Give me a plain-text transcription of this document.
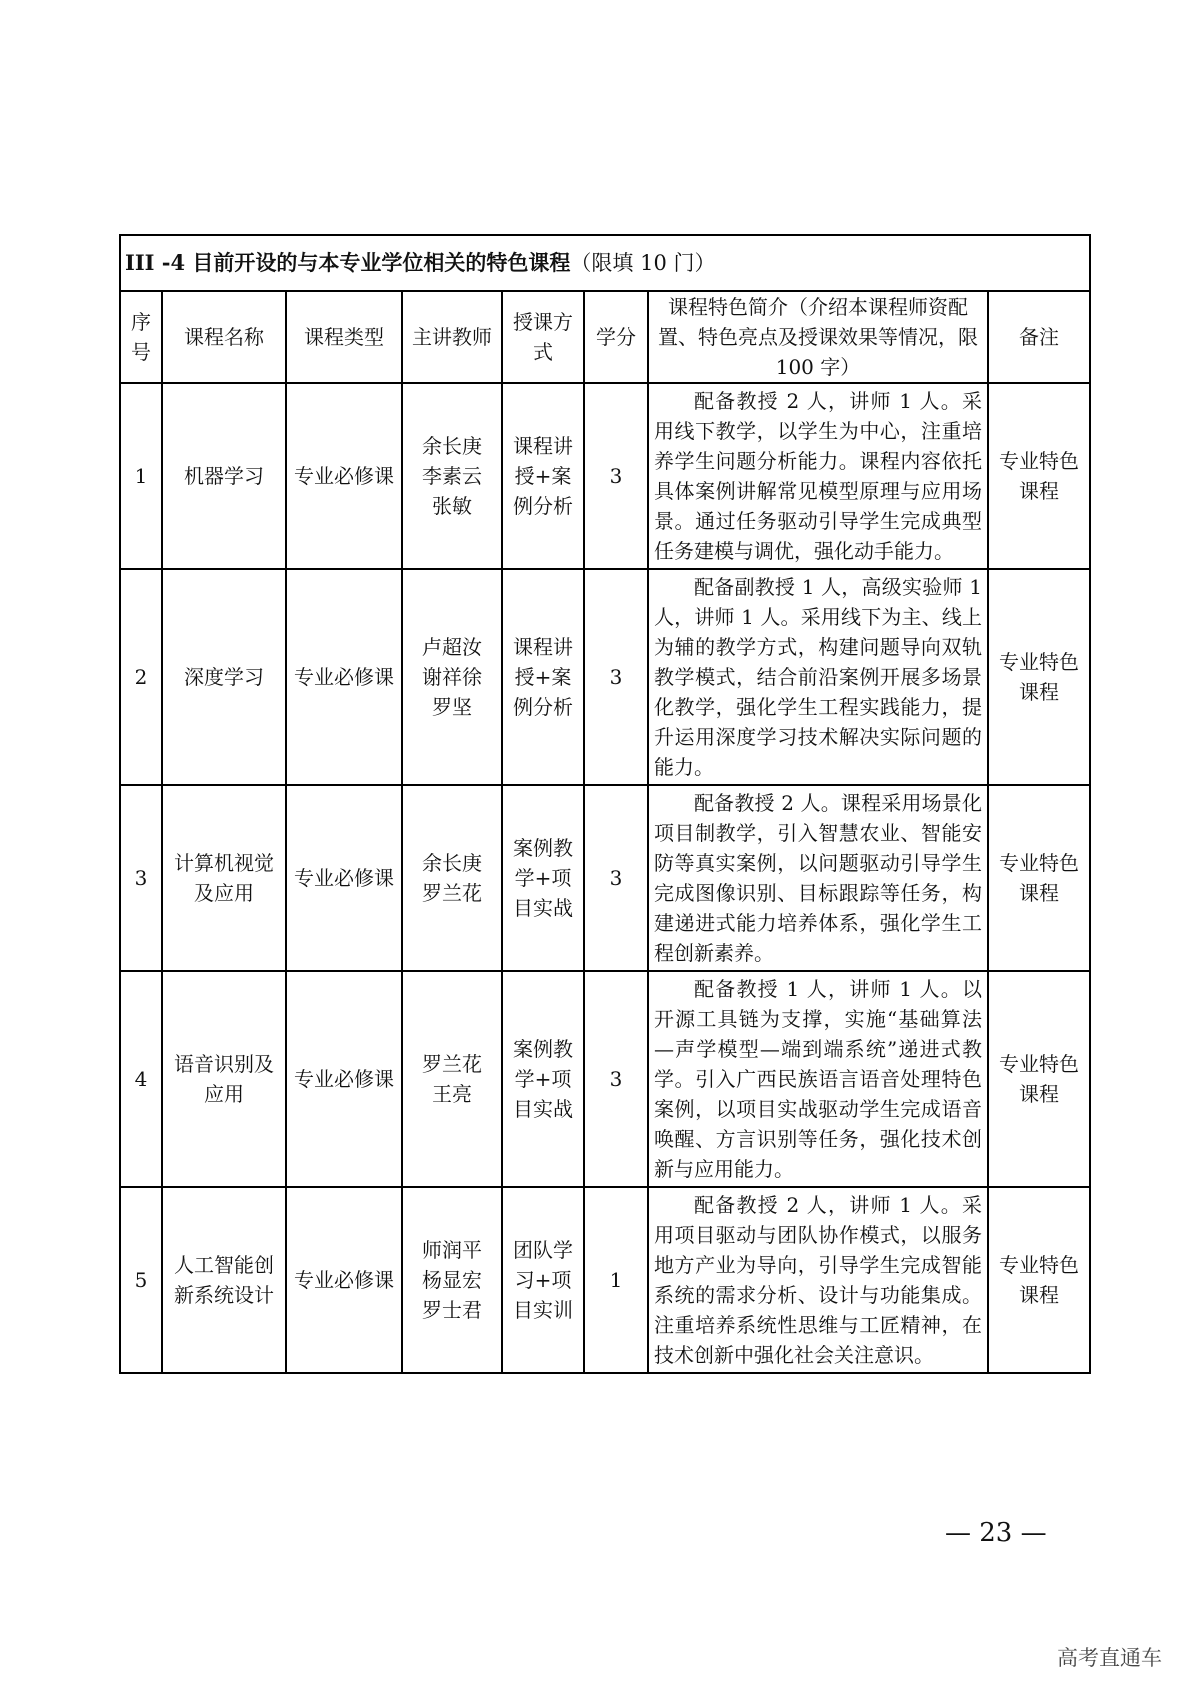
III -4 目前开设的与本专业学位相关的特色课程（限填 10 门）							
序号	课程名称	课程类型	主讲教师	授课方式	学分	课程特色简介（介绍本课程师资配置、特色亮点及授课效果等情况，限 100 字）	备注
1	机器学习	专业必修课	余长庚李素云张敏	课程讲授+案例分析	3	配备教授 2 人，讲师 1 人。采用线下教学，以学生为中心，注重培养学生问题分析能力。课程内容依托具体案例讲解常见模型原理与应用场景。通过任务驱动引导学生完成典型任务建模与调优，强化动手能力。	专业特色课程
2	深度学习	专业必修课	卢超汝谢祥徐罗坚	课程讲授+案例分析	3	配备副教授 1 人，高级实验师 1 人，讲师 1 人。采用线下为主、线上为辅的教学方式，构建问题导向双轨教学模式，结合前沿案例开展多场景化教学，强化学生工程实践能力，提升运用深度学习技术解决实际问题的能力。	专业特色课程
3	计算机视觉及应用	专业必修课	余长庚罗兰花	案例教学+项目实战	3	配备教授 2 人。课程采用场景化项目制教学，引入智慧农业、智能安防等真实案例，以问题驱动引导学生完成图像识别、目标跟踪等任务，构建递进式能力培养体系，强化学生工程创新素养。	专业特色课程
4	语音识别及应用	专业必修课	罗兰花王亮	案例教学+项目实战	3	配备教授 1 人，讲师 1 人。以开源工具链为支撑，实施“基础算法—声学模型—端到端系统”递进式教学。引入广西民族语言语音处理特色案例，以项目实战驱动学生完成语音唤醒、方言识别等任务，强化技术创新与应用能力。	专业特色课程
5	人工智能创新系统设计	专业必修课	师润平杨显宏罗士君	团队学习+项目实训	1	配备教授 2 人，讲师 1 人。采用项目驱动与团队协作模式，以服务地方产业为导向，引导学生完成智能系统的需求分析、设计与功能集成。注重培养系统性思维与工匠精神，在技术创新中强化社会关注意识。	专业特色课程
— 23 —
高考直通车
